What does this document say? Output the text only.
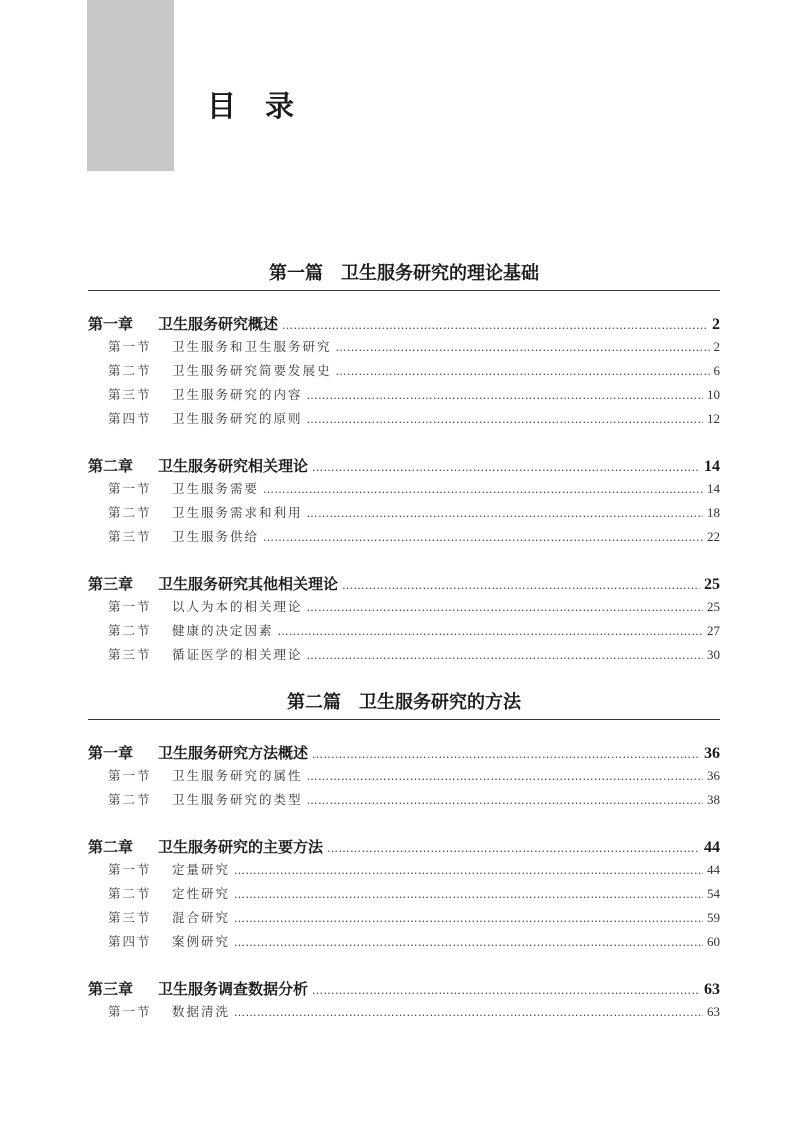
目　录
第一篇　卫生服务研究的理论基础
第一章	卫生服务研究概述 …………………………………………………………………………………………………………………………………………………………………………………………	2
第一节	卫生服务和卫生服务研究 …………………………………………………………………………………………………………………………………………………………………………………………	2
第二节	卫生服务研究简要发展史 …………………………………………………………………………………………………………………………………………………………………………………………	6
第三节	卫生服务研究的内容 …………………………………………………………………………………………………………………………………………………………………………………………	10
第四节	卫生服务研究的原则 …………………………………………………………………………………………………………………………………………………………………………………………	12
第二章	卫生服务研究相关理论 …………………………………………………………………………………………………………………………………………………………………………………………	14
第一节	卫生服务需要 …………………………………………………………………………………………………………………………………………………………………………………………	14
第二节	卫生服务需求和利用 …………………………………………………………………………………………………………………………………………………………………………………………	18
第三节	卫生服务供给 …………………………………………………………………………………………………………………………………………………………………………………………	22
第三章	卫生服务研究其他相关理论 …………………………………………………………………………………………………………………………………………………………………………………………	25
第一节	以人为本的相关理论 …………………………………………………………………………………………………………………………………………………………………………………………	25
第二节	健康的决定因素 …………………………………………………………………………………………………………………………………………………………………………………………	27
第三节	循证医学的相关理论 …………………………………………………………………………………………………………………………………………………………………………………………	30
第二篇　卫生服务研究的方法
第一章	卫生服务研究方法概述 …………………………………………………………………………………………………………………………………………………………………………………………	36
第一节	卫生服务研究的属性 …………………………………………………………………………………………………………………………………………………………………………………………	36
第二节	卫生服务研究的类型 …………………………………………………………………………………………………………………………………………………………………………………………	38
第二章	卫生服务研究的主要方法 …………………………………………………………………………………………………………………………………………………………………………………………	44
第一节	定量研究 …………………………………………………………………………………………………………………………………………………………………………………………	44
第二节	定性研究 …………………………………………………………………………………………………………………………………………………………………………………………	54
第三节	混合研究 …………………………………………………………………………………………………………………………………………………………………………………………	59
第四节	案例研究 …………………………………………………………………………………………………………………………………………………………………………………………	60
第三章	卫生服务调查数据分析 …………………………………………………………………………………………………………………………………………………………………………………………	63
第一节	数据清洗 …………………………………………………………………………………………………………………………………………………………………………………………	63
